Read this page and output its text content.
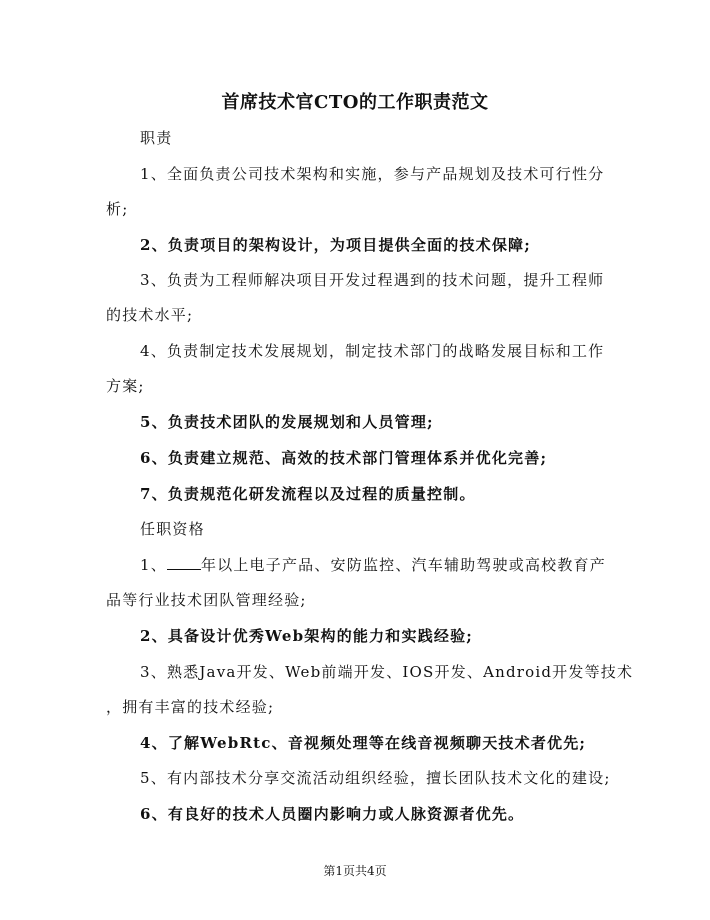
首席技术官CTO的工作职责范文
职责
1、全面负责公司技术架构和实施，参与产品规划及技术可行性分
析;
2、负责项目的架构设计，为项目提供全面的技术保障;
3、负责为工程师解决项目开发过程遇到的技术问题，提升工程师
的技术水平;
4、负责制定技术发展规划，制定技术部门的战略发展目标和工作
方案;
5、负责技术团队的发展规划和人员管理;
6、负责建立规范、高效的技术部门管理体系并优化完善;
7、负责规范化研发流程以及过程的质量控制。
任职资格
1、 年以上电子产品、安防监控、汽车辅助驾驶或高校教育产
品等行业技术团队管理经验;
2、具备设计优秀Web架构的能力和实践经验;
3、熟悉Java开发、Web前端开发、IOS开发、Android开发等技术
，拥有丰富的技术经验;
4、了解WebRtc、音视频处理等在线音视频聊天技术者优先;
5、有内部技术分享交流活动组织经验，擅长团队技术文化的建设;
6、有良好的技术人员圈内影响力或人脉资源者优先。
第1页共4页
